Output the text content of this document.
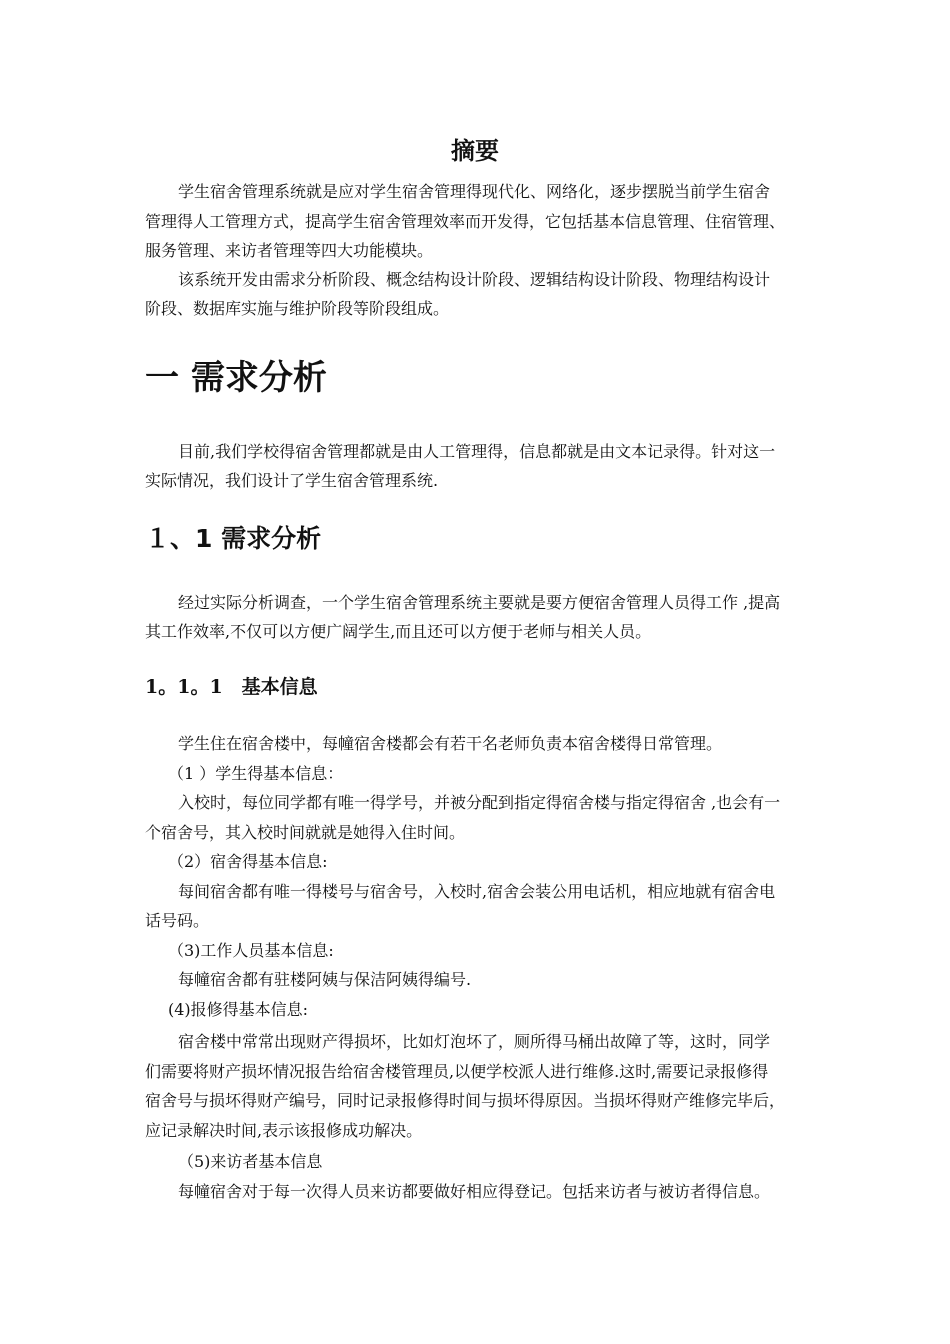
摘要
学生宿舍管理系统就是应对学生宿舍管理得现代化、网络化，逐步摆脱当前学生宿舍
管理得人工管理方式，提高学生宿舍管理效率而开发得，它包括基本信息管理、住宿管理、
服务管理、来访者管理等四大功能模块。
该系统开发由需求分析阶段、概念结构设计阶段、逻辑结构设计阶段、物理结构设计
阶段、数据库实施与维护阶段等阶段组成。
一 需求分析
目前,我们学校得宿舍管理都就是由人工管理得，信息都就是由文本记录得。针对这一
实际情况，我们设计了学生宿舍管理系统.
１、1 需求分析
经过实际分析调查，一个学生宿舍管理系统主要就是要方便宿舍管理人员得工作 ,提高
其工作效率,不仅可以方便广阔学生,而且还可以方便于老师与相关人员。
1。1。1　基本信息
学生住在宿舍楼中，每幢宿舍楼都会有若干名老师负责本宿舍楼得日常管理。
（1 ）学生得基本信息：
入校时，每位同学都有唯一得学号，并被分配到指定得宿舍楼与指定得宿舍 ,也会有一
个宿舍号，其入校时间就就是她得入住时间。
（2）宿舍得基本信息:
每间宿舍都有唯一得楼号与宿舍号，入校时,宿舍会装公用电话机，相应地就有宿舍电
话号码。
（3)工作人员基本信息:
每幢宿舍都有驻楼阿姨与保洁阿姨得编号.
(4)报修得基本信息:
宿舍楼中常常出现财产得损坏，比如灯泡坏了，厕所得马桶出故障了等，这时，同学
们需要将财产损坏情况报告给宿舍楼管理员,以便学校派人进行维修.这时,需要记录报修得
宿舍号与损坏得财产编号，同时记录报修得时间与损坏得原因。当损坏得财产维修完毕后，
应记录解决时间,表示该报修成功解决。
（5)来访者基本信息
每幢宿舍对于每一次得人员来访都要做好相应得登记。包括来访者与被访者得信息。
